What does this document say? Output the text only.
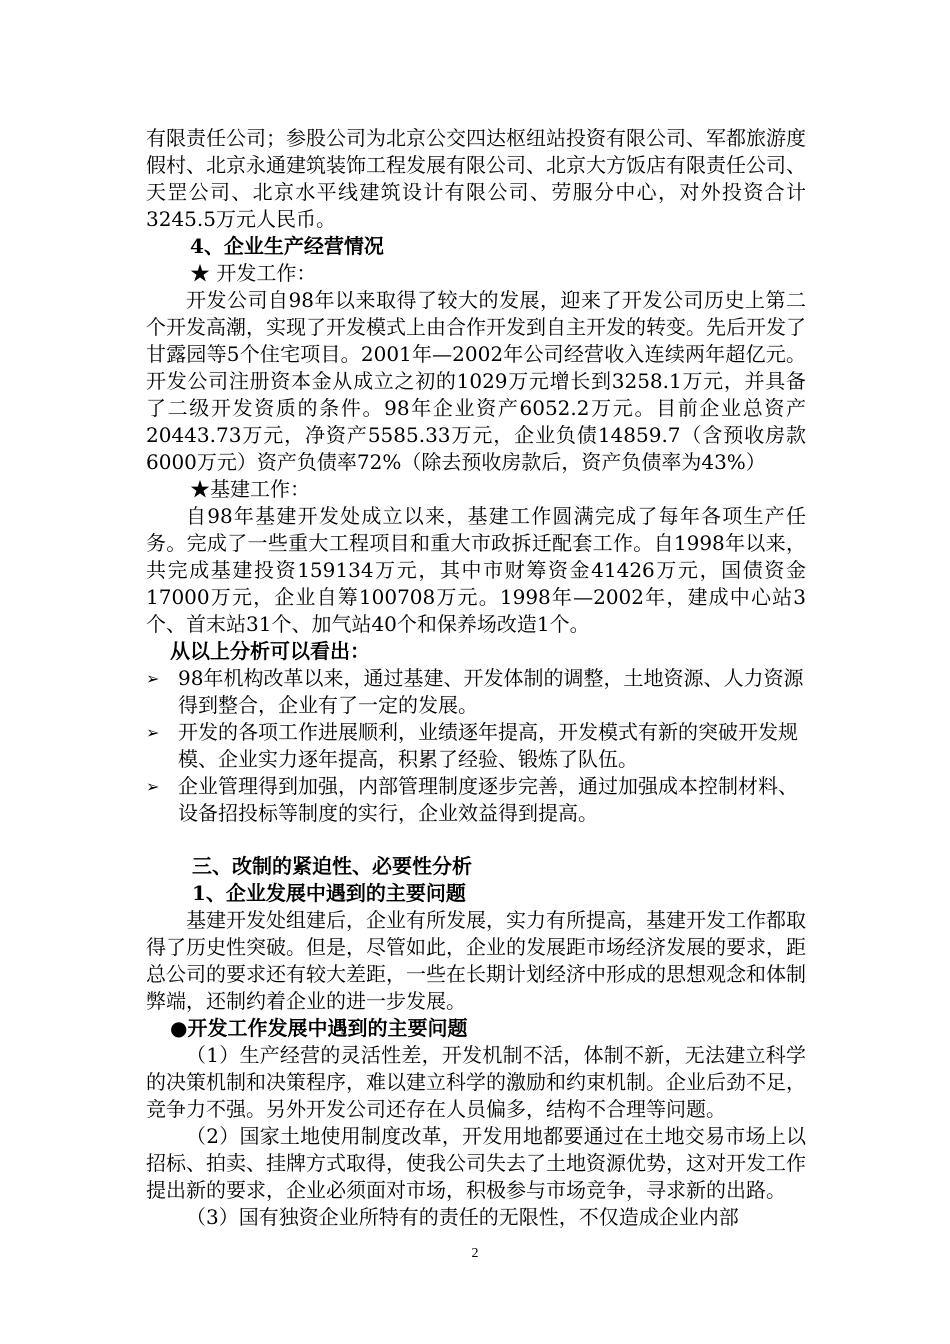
有限责任公司；参股公司为北京公交四达枢纽站投资有限公司、军都旅游度假村、北京永通建筑装饰工程发展有限公司、北京大方饭店有限责任公司、天罡公司、北京水平线建筑设计有限公司、劳服分中心，对外投资合计3245.5万元人民币。

4、企业生产经营情况

★ 开发工作：

开发公司自98年以来取得了较大的发展，迎来了开发公司历史上第二个开发高潮，实现了开发模式上由合作开发到自主开发的转变。先后开发了甘露园等5个住宅项目。2001年—2002年公司经营收入连续两年超亿元。开发公司注册资本金从成立之初的1029万元增长到3258.1万元，并具备了二级开发资质的条件。98年企业资产6052.2万元。目前企业总资产20443.73万元，净资产5585.33万元，企业负债14859.7（含预收房款6000万元）资产负债率72%（除去预收房款后，资产负债率为43%）

★基建工作：

自98年基建开发处成立以来，基建工作圆满完成了每年各项生产任务。完成了一些重大工程项目和重大市政拆迁配套工作。自1998年以来，共完成基建投资159134万元，其中市财筹资金41426万元，国债资金17000万元，企业自筹100708万元。1998年—2002年，建成中心站3个、首末站31个、加气站40个和保养场改造1个。

从以上分析可以看出：

➢ 98年机构改革以来，通过基建、开发体制的调整，土地资源、人力资源得到整合，企业有了一定的发展。
➢ 开发的各项工作进展顺利，业绩逐年提高，开发模式有新的突破开发规模、企业实力逐年提高，积累了经验、锻炼了队伍。
➢ 企业管理得到加强，内部管理制度逐步完善，通过加强成本控制材料、设备招投标等制度的实行，企业效益得到提高。

三、改制的紧迫性、必要性分析

1、企业发展中遇到的主要问题

基建开发处组建后，企业有所发展，实力有所提高，基建开发工作都取得了历史性突破。但是，尽管如此，企业的发展距市场经济发展的要求，距总公司的要求还有较大差距，一些在长期计划经济中形成的思想观念和体制弊端，还制约着企业的进一步发展。

●开发工作发展中遇到的主要问题

（1）生产经营的灵活性差，开发机制不活，体制不新，无法建立科学的决策机制和决策程序，难以建立科学的激励和约束机制。企业后劲不足，竞争力不强。另外开发公司还存在人员偏多，结构不合理等问题。

（2）国家土地使用制度改革，开发用地都要通过在土地交易市场上以招标、拍卖、挂牌方式取得，使我公司失去了土地资源优势，这对开发工作提出新的要求，企业必须面对市场，积极参与市场竞争，寻求新的出路。

（3）国有独资企业所特有的责任的无限性，不仅造成企业内部

2
